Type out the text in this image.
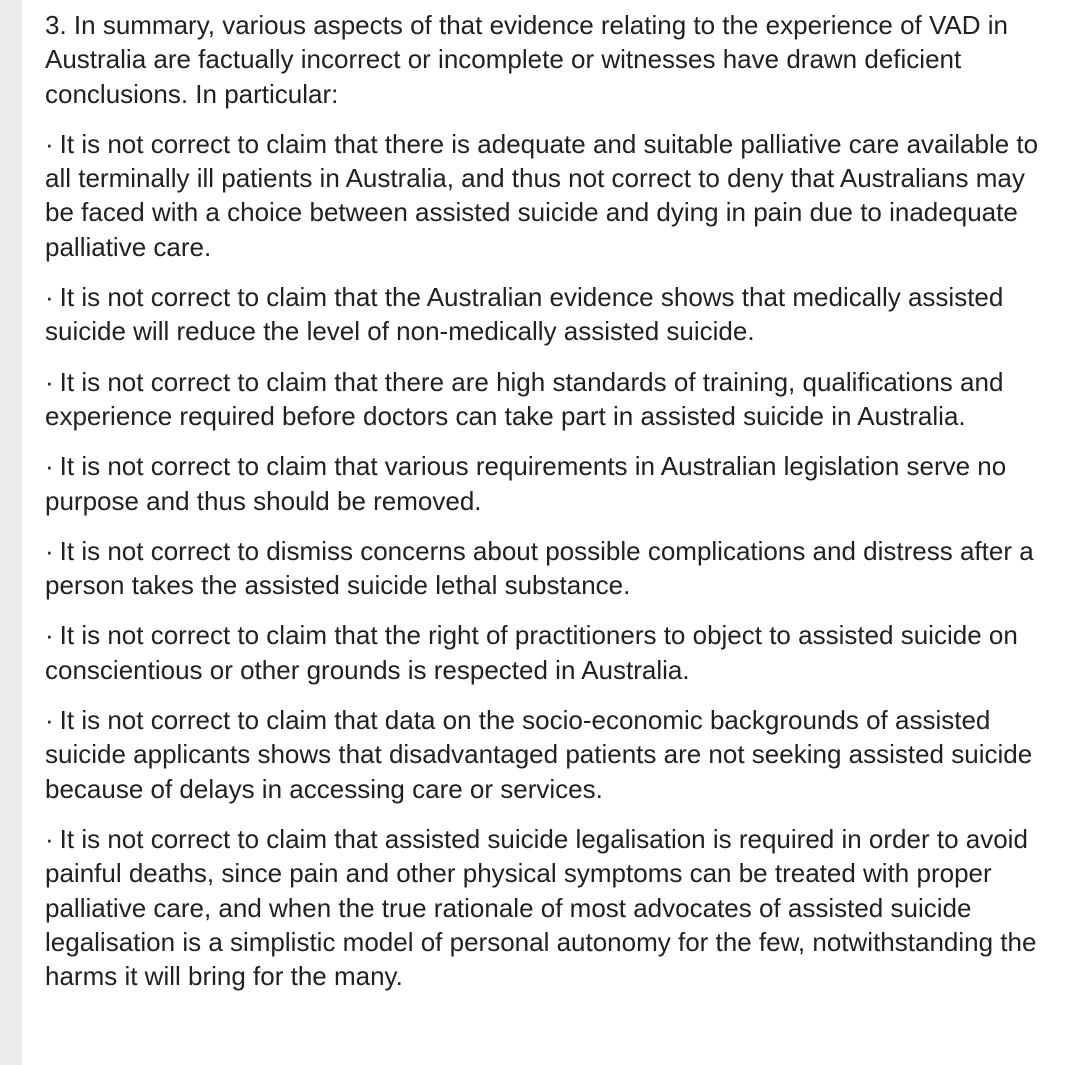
3. In summary, various aspects of that evidence relating to the experience of VAD in Australia are factually incorrect or incomplete or witnesses have drawn deficient conclusions. In particular:

· It is not correct to claim that there is adequate and suitable palliative care available to all terminally ill patients in Australia, and thus not correct to deny that Australians may be faced with a choice between assisted suicide and dying in pain due to inadequate palliative care.

· It is not correct to claim that the Australian evidence shows that medically assisted suicide will reduce the level of non-medically assisted suicide.

· It is not correct to claim that there are high standards of training, qualifications and experience required before doctors can take part in assisted suicide in Australia.

· It is not correct to claim that various requirements in Australian legislation serve no purpose and thus should be removed.

· It is not correct to dismiss concerns about possible complications and distress after a person takes the assisted suicide lethal substance.

· It is not correct to claim that the right of practitioners to object to assisted suicide on conscientious or other grounds is respected in Australia.

· It is not correct to claim that data on the socio-economic backgrounds of assisted suicide applicants shows that disadvantaged patients are not seeking assisted suicide because of delays in accessing care or services.

· It is not correct to claim that assisted suicide legalisation is required in order to avoid painful deaths, since pain and other physical symptoms can be treated with proper palliative care, and when the true rationale of most advocates of assisted suicide legalisation is a simplistic model of personal autonomy for the few, notwithstanding the harms it will bring for the many.
